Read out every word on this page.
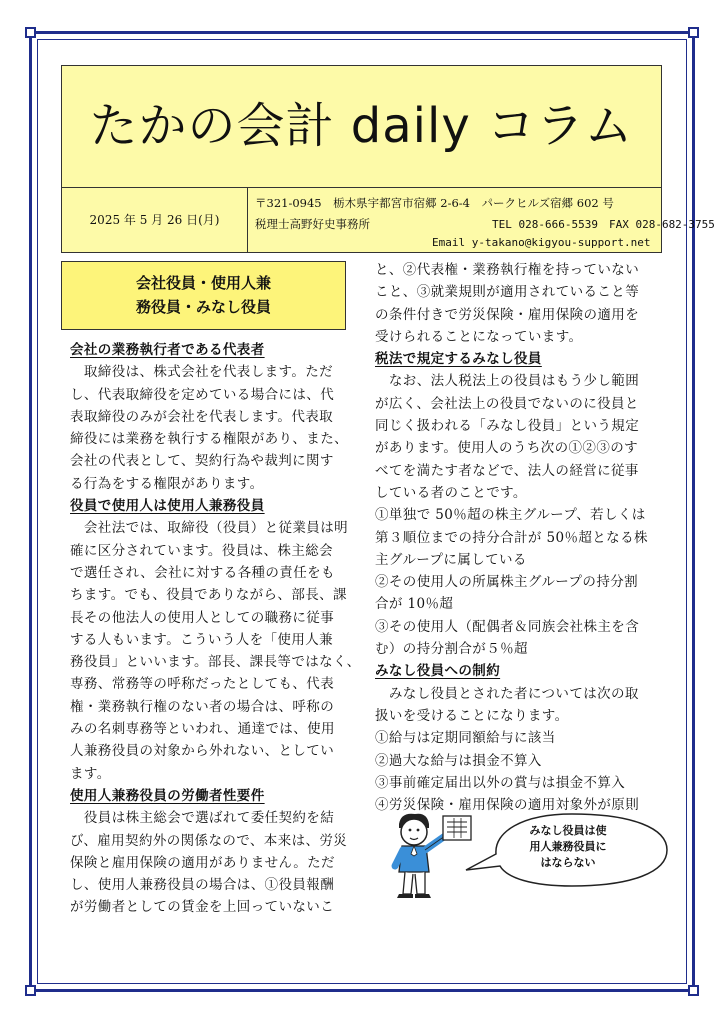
たかの会計 daily コラム
2025 年 5 月 26 日(月)
〒321-0945　栃木県宇都宮市宿郷 2-6-4　パークヒルズ宿郷 602 号
税理士高野好史事務所	TEL 028-666-5539　FAX 028-682-3755
Email y-takano@kigyou-support.net
会社役員・使用人兼
務役員・みなし役員

会社の業務執行者である代表者

　取締役は、株式会社を代表します。ただ

し、代表取締役を定めている場合には、代

表取締役のみが会社を代表します。代表取

締役には業務を執行する権限があり、また、

会社の代表として、契約行為や裁判に関す

る行為をする権限があります。

役員で使用人は使用人兼務役員

　会社法では、取締役（役員）と従業員は明

確に区分されています。役員は、株主総会

で選任され、会社に対する各種の責任をも

ちます。でも、役員でありながら、部長、課

長その他法人の使用人としての職務に従事

する人もいます。こういう人を「使用人兼

務役員」といいます。部長、課長等ではなく、

専務、常務等の呼称だったとしても、代表

権・業務執行権のない者の場合は、呼称の

みの名刺専務等といわれ、通達では、使用

人兼務役員の対象から外れない、としてい

ます。

使用人兼務役員の労働者性要件

　役員は株主総会で選ばれて委任契約を結

び、雇用契約外の関係なので、本来は、労災

保険と雇用保険の適用がありません。ただ

し、使用人兼務役員の場合は、①役員報酬

が労働者としての賃金を上回っていないこ

と、②代表権・業務執行権を持っていない

こと、③就業規則が適用されていること等

の条件付きで労災保険・雇用保険の適用を

受けられることになっています。

税法で規定するみなし役員

　なお、法人税法上の役員はもう少し範囲

が広く、会社法上の役員でないのに役員と

同じく扱われる「みなし役員」という規定

があります。使用人のうち次の①②③のす

べてを満たす者などで、法人の経営に従事

している者のことです。

①単独で 50％超の株主グループ、若しくは

第３順位までの持分合計が 50％超となる株

主グループに属している

②その使用人の所属株主グループの持分割

合が 10％超

③その使用人（配偶者＆同族会社株主を含

む）の持分割合が５％超

みなし役員への制約

　みなし役員とされた者については次の取

扱いを受けることになります。

①給与は定期同額給与に該当

②過大な給与は損金不算入

③事前確定届出以外の賞与は損金不算入

④労災保険・雇用保険の適用対象外が原則

みなし役員は使
用人兼務役員に
はならない
